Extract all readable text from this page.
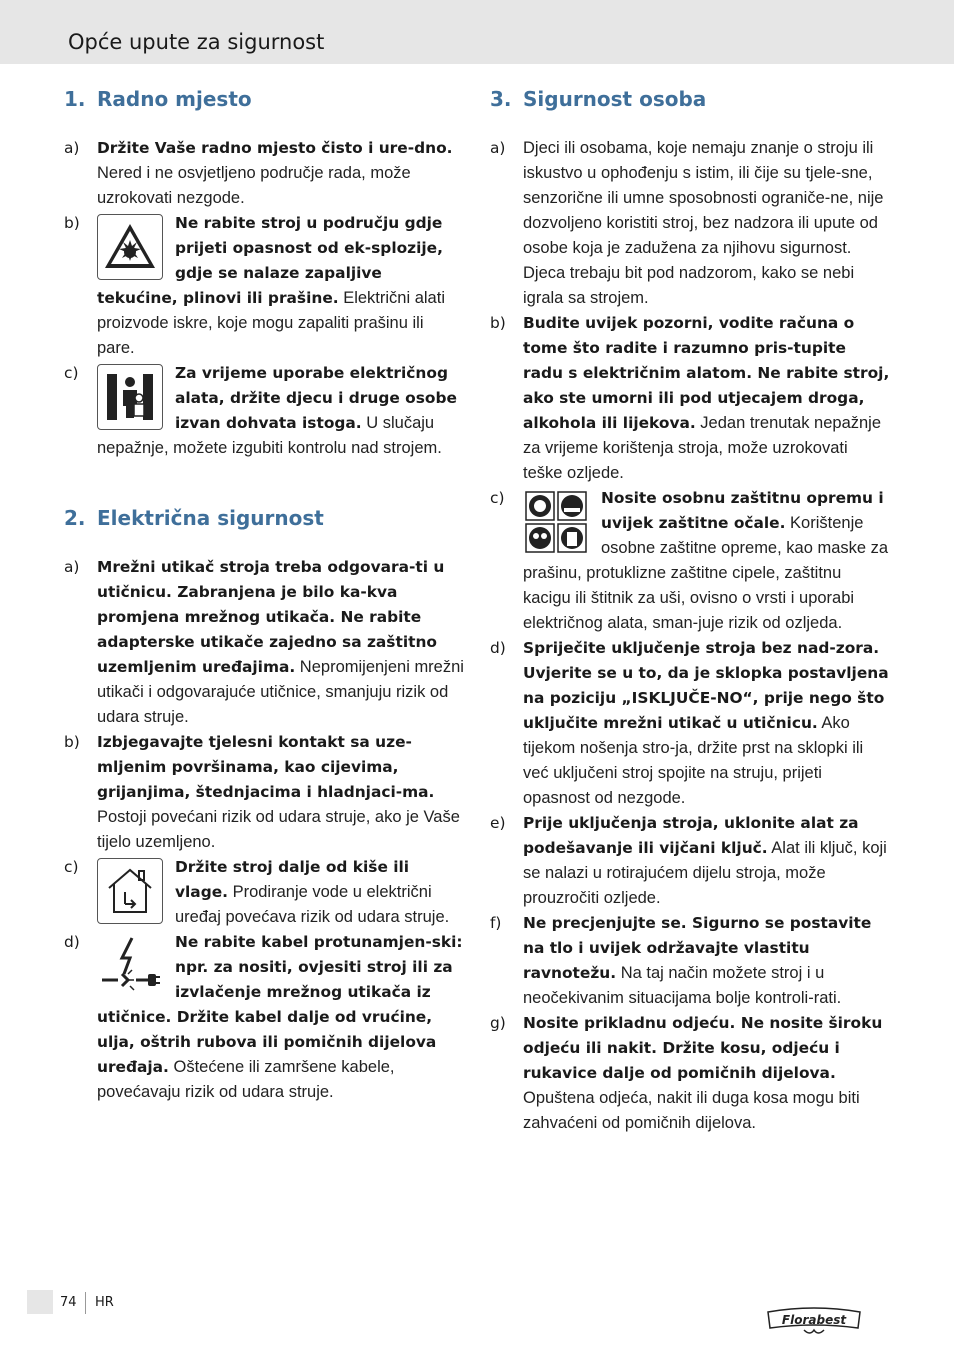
Opće upute za sigurnost
1. Radno mjesto
a) Držite Vaše radno mjesto čisto i ure-dno. Nered i ne osvjetljeno područje rada, može uzrokovati nezgode.
b)	Ne rabite stroj u području gdje prijeti opasnost od ek-splozije, gdje se nalaze zapaljive tekućine, plinovi ili prašine. Električni alati proizvode iskre, koje mogu zapaliti prašinu ili pare.
c)	Za vrijeme uporabe električnog alata, držite djecu i druge osobe izvan dohvata istoga. U slučaju nepažnje, možete izgubiti kontrolu nad strojem.
2. Električna sigurnost
a) Mrežni utikač stroja treba odgovara-ti u utičnicu. Zabranjena je bilo ka-kva promjena mrežnog utikača. Ne rabite adapterske utikače zajedno sa zaštitno uzemljenim uređajima. Nepromijenjeni mrežni utikači i odgovarajuće utičnice, smanjuju rizik od udara struje.
b) Izbjegavajte tjelesni kontakt sa uze-mljenim površinama, kao cijevima, grijanjima, štednjacima i hladnjaci-ma. Postoji povećani rizik od udara struje, ako je Vaše tijelo uzemljeno.
c)	Držite stroj dalje od kiše ili vlage. Prodiranje vode u električni uređaj povećava rizik od udara struje.
d)	Ne rabite kabel protunamjen-ski: npr. za nositi, ovjesiti stroj ili za izvlačenje mrežnog utikača iz utičnice. Držite kabel dalje od vrućine, ulja, oštrih rubova ili pomičnih dijelova uređaja. Oštećene ili zamršene kabele, povećavaju rizik od udara struje.
3. Sigurnost osoba
a) Djeci ili osobama, koje nemaju znanje o stroju ili iskustvo u ophođenju s istim, ili čije su tjele-sne, senzorične ili umne sposobnosti ograniče-ne, nije dozvoljeno koristiti stroj, bez nadzora ili upute od osobe koja je zadužena za njihovu sigurnost. Djeca trebaju bit pod nadzorom, kako se nebi igrala sa strojem.
b) Budite uvijek pozorni, vodite računa o tome što radite i razumno pris-tupite radu s električnim alatom. Ne rabite stroj, ako ste umorni ili pod utjecajem droga, alkohola ili lijekova. Jedan trenutak nepažnje za vrijeme korištenja stroja, može uzrokovati teške ozljede.
c)	Nosite osobnu zaštitnu opremu i uvijek zaštitne očale. Korištenje osobne zaštitne opreme, kao maske za prašinu, protuklizne zaštitne cipele, zaštitnu kacigu ili štitnik za uši, ovisno o vrsti i uporabi električnog alata, sman-juje rizik od ozljeda.
d) Spriječite uključenje stroja bez nad-zora. Uvjerite se u to, da je sklopka postavljena na poziciju „ISKLJUČE-NO“, prije nego što uključite mrežni utikač u utičnicu. Ako tijekom nošenja stro-ja, držite prst na sklopki ili već uključeni stroj spojite na struju, prijeti opasnost od nezgode.
e) Prije uključenja stroja, uklonite alat za podešavanje ili vijčani ključ. Alat ili ključ, koji se nalazi u rotirajućem dijelu stroja, može prouzročiti ozljede.
f) Ne precjenjujte se. Sigurno se postavite na tlo i uvijek održavajte vlastitu ravnotežu. Na taj način možete stroj i u neočekivanim situacijama bolje kontroli-rati.
g) Nosite prikladnu odjeću. Ne nosite široku odjeću ili nakit. Držite kosu, odjeću i rukavice dalje od pomičnih dijelova. Opuštena odjeća, nakit ili duga kosa mogu biti zahvaćeni od pomičnih dijelova.
74 HR
Florabest
